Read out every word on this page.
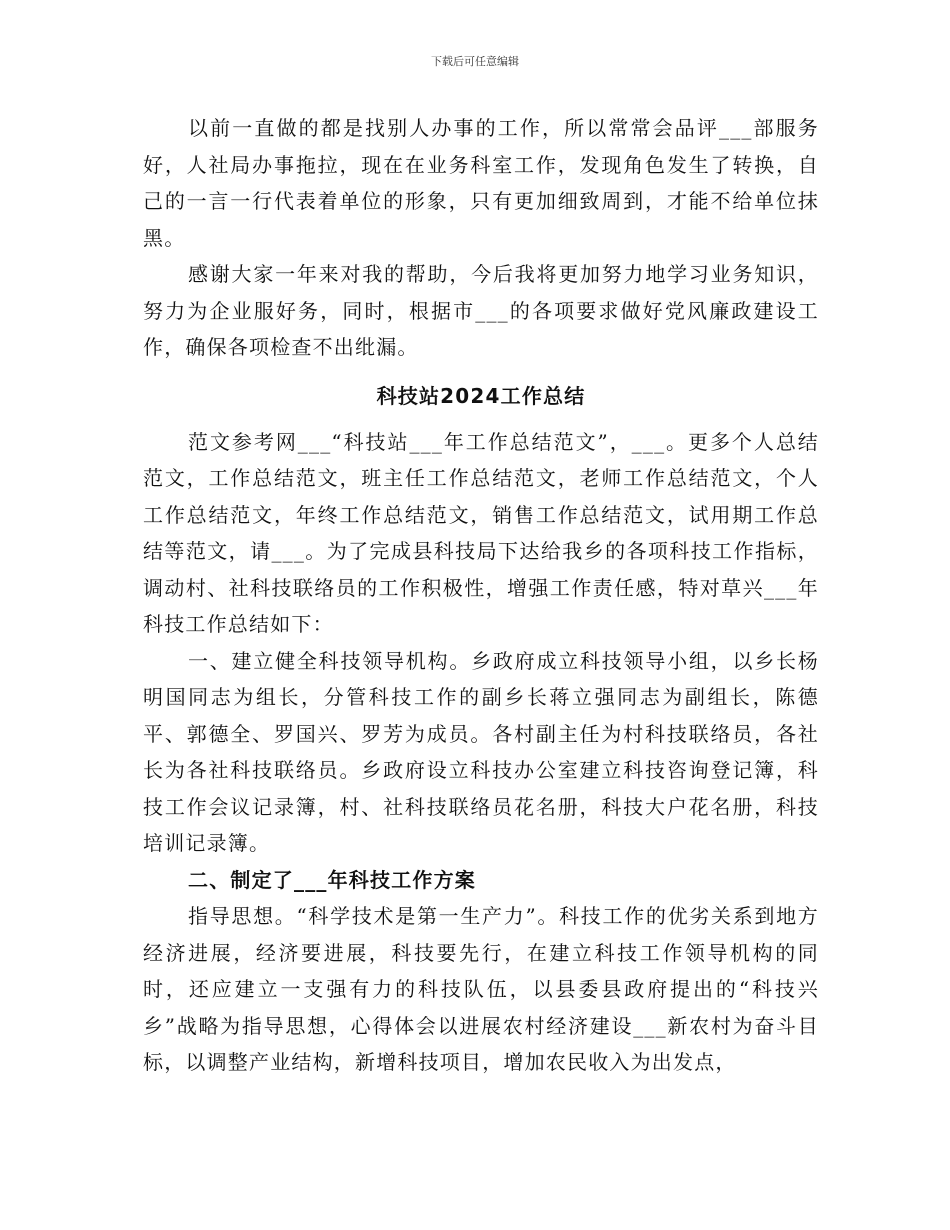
下载后可任意编辑

以前一直做的都是找别人办事的工作，所以常常会品评___部服务好，人社局办事拖拉，现在在业务科室工作，发现角色发生了转换，自己的一言一行代表着单位的形象，只有更加细致周到，才能不给单位抹黑。

感谢大家一年来对我的帮助，今后我将更加努力地学习业务知识，努力为企业服好务，同时，根据市___的各项要求做好党风廉政建设工作，确保各项检查不出纰漏。

科技站2024工作总结

范文参考网___“科技站___年工作总结范文”，___。更多个人总结范文，工作总结范文，班主任工作总结范文，老师工作总结范文，个人工作总结范文，年终工作总结范文，销售工作总结范文，试用期工作总结等范文，请___。为了完成县科技局下达给我乡的各项科技工作指标，调动村、社科技联络员的工作积极性，增强工作责任感，特对草兴___年科技工作总结如下：

一、建立健全科技领导机构。乡政府成立科技领导小组，以乡长杨明国同志为组长，分管科技工作的副乡长蒋立强同志为副组长，陈德平、郭德全、罗国兴、罗芳为成员。各村副主任为村科技联络员，各社长为各社科技联络员。乡政府设立科技办公室建立科技咨询登记簿，科技工作会议记录簿，村、社科技联络员花名册，科技大户花名册，科技培训记录簿。

二、制定了___年科技工作方案

指导思想。“科学技术是第一生产力”。科技工作的优劣关系到地方经济进展，经济要进展，科技要先行，在建立科技工作领导机构的同时，还应建立一支强有力的科技队伍，以县委县政府提出的“科技兴乡”战略为指导思想，心得体会以进展农村经济建设___新农村为奋斗目标，以调整产业结构，新增科技项目，增加农民收入为出发点，
